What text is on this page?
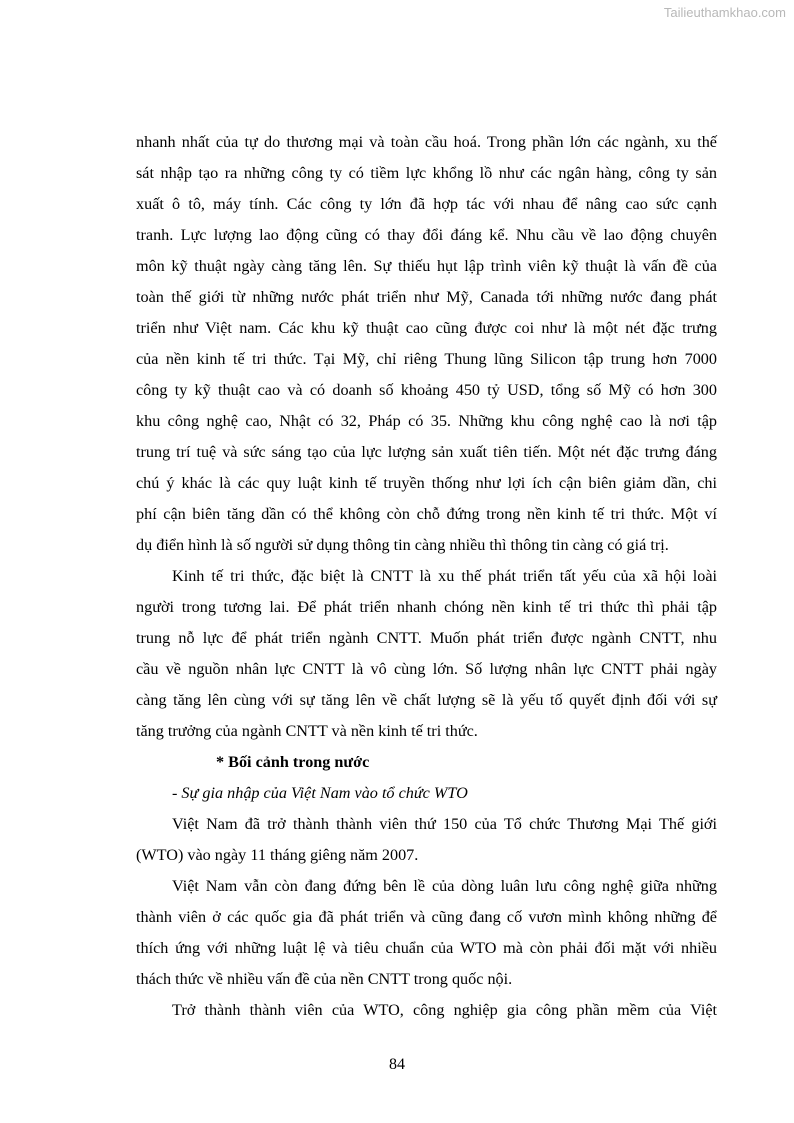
Tailieuthamkhao.com
nhanh nhất của tự do thương mại và toàn cầu hoá. Trong phần lớn các ngành, xu thế
sát nhập tạo ra những công ty có tiềm lực khổng lồ như các ngân hàng, công ty sản
xuất ô tô, máy tính. Các công ty lớn đã hợp tác với nhau để nâng cao sức cạnh
tranh. Lực lượng lao động cũng có thay đổi đáng kể. Nhu cầu về lao động chuyên
môn kỹ thuật ngày càng tăng lên. Sự thiếu hụt lập trình viên kỹ thuật là vấn đề của
toàn thế giới từ những nước phát triển như Mỹ, Canada tới những nước đang phát
triển như Việt nam. Các khu kỹ thuật cao cũng được coi như là một nét đặc trưng
của nền kinh tế tri thức. Tại Mỹ, chỉ riêng Thung lũng Silicon tập trung hơn 7000
công ty kỹ thuật cao và có doanh số khoảng 450 tỷ USD, tổng số Mỹ có hơn 300
khu công nghệ cao, Nhật có 32, Pháp có 35. Những khu công nghệ cao là nơi tập
trung trí tuệ và sức sáng tạo của lực lượng sản xuất tiên tiến. Một nét đặc trưng đáng
chú ý khác là các quy luật kinh tế truyền thống như lợi ích cận biên giảm dần, chi
phí cận biên tăng dần có thể không còn chỗ đứng trong nền kinh tế tri thức. Một ví
dụ điển hình là số người sử dụng thông tin càng nhiều thì thông tin càng có giá trị.
Kinh tế tri thức, đặc biệt là CNTT là xu thế phát triển tất yếu của xã hội loài
người trong tương lai. Để phát triển nhanh chóng nền kinh tế tri thức thì phải tập
trung nỗ lực để phát triển ngành CNTT. Muốn phát triển được ngành CNTT, nhu
cầu về nguồn nhân lực CNTT là vô cùng lớn. Số lượng nhân lực CNTT phải ngày
càng tăng lên cùng với sự tăng lên về chất lượng sẽ là yếu tố quyết định đối với sự
tăng trưởng của ngành CNTT và nền kinh tế tri thức.
* Bối cảnh trong nước
- Sự gia nhập của Việt Nam vào tổ chức WTO
Việt Nam đã trở thành thành viên thứ 150 của Tổ chức Thương Mại Thế giới
(WTO) vào ngày 11 tháng giêng năm 2007.
Việt Nam vẫn còn đang đứng bên lề của dòng luân lưu công nghệ giữa những
thành viên ở các quốc gia đã phát triển và cũng đang cố vươn mình không những để
thích ứng với những luật lệ và tiêu chuẩn của WTO mà còn phải đối mặt với nhiều
thách thức về nhiều vấn đề của nền CNTT trong quốc nội.
Trở thành thành viên của WTO, công nghiệp gia công phần mềm của Việt
84
